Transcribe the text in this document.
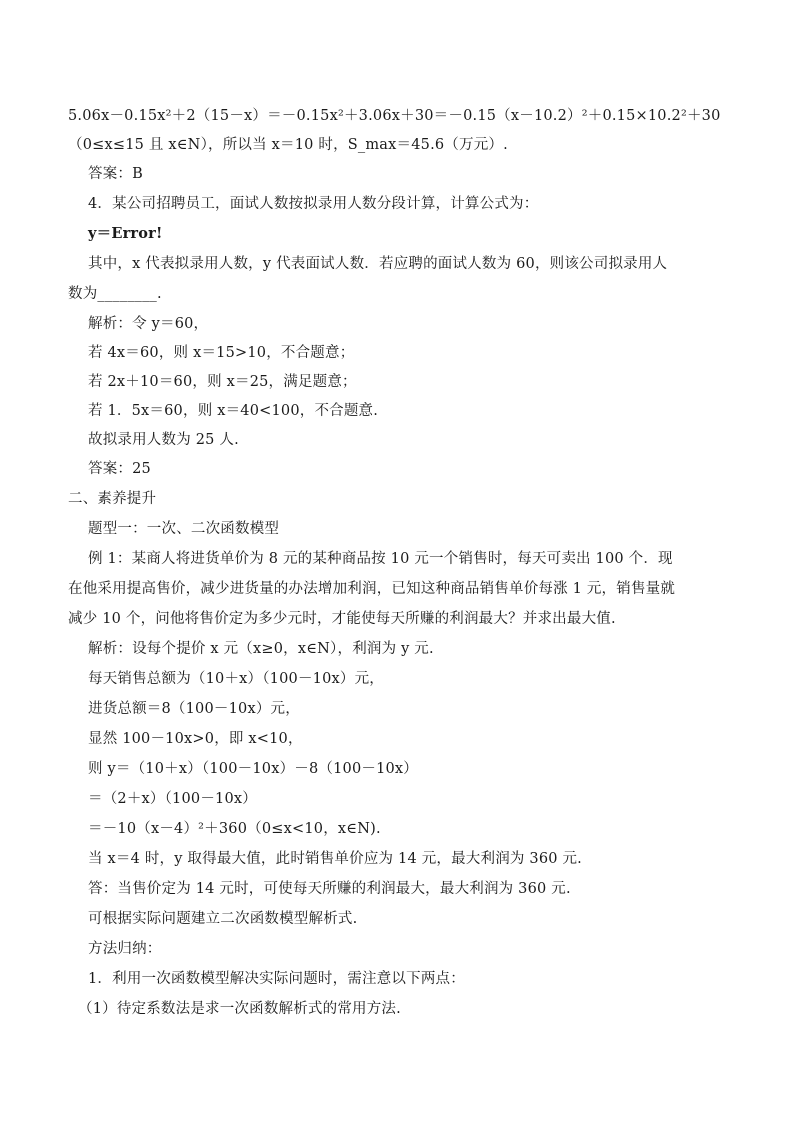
5.06x－0.15x²＋2（15－x）＝－0.15x²＋3.06x＋30＝－0.15（x－10.2）²＋0.15×10.2²＋30
（0≤x≤15 且 x∈N），所以当 x＝10 时，S_max＝45.6（万元）.
答案：B
4．某公司招聘员工，面试人数按拟录用人数分段计算，计算公式为：
y＝Error!
其中，x 代表拟录用人数，y 代表面试人数．若应聘的面试人数为 60，则该公司拟录用人
数为________.
解析：令 y＝60，
若 4x＝60，则 x＝15>10，不合题意；
若 2x＋10＝60，则 x＝25，满足题意；
若 1．5x＝60，则 x＝40<100，不合题意.
故拟录用人数为 25 人.
答案：25
二、素养提升
题型一：一次、二次函数模型
例 1：某商人将进货单价为 8 元的某种商品按 10 元一个销售时，每天可卖出 100 个．现
在他采用提高售价，减少进货量的办法增加利润，已知这种商品销售单价每涨 1 元，销售量就
减少 10 个，问他将售价定为多少元时，才能使每天所赚的利润最大？并求出最大值.
解析：设每个提价 x 元（x≥0，x∈N），利润为 y 元.
每天销售总额为（10＋x）（100－10x）元，
进货总额＝8（100－10x）元，
显然 100－10x>0，即 x<10，
则 y＝（10＋x）（100－10x）－8（100－10x）
＝（2＋x）（100－10x）
＝－10（x－4）²＋360（0≤x<10，x∈N).
当 x＝4 时，y 取得最大值，此时销售单价应为 14 元，最大利润为 360 元.
答：当售价定为 14 元时，可使每天所赚的利润最大，最大利润为 360 元.
可根据实际问题建立二次函数模型解析式.
方法归纳：
1．利用一次函数模型解决实际问题时，需注意以下两点：
（1）待定系数法是求一次函数解析式的常用方法.
